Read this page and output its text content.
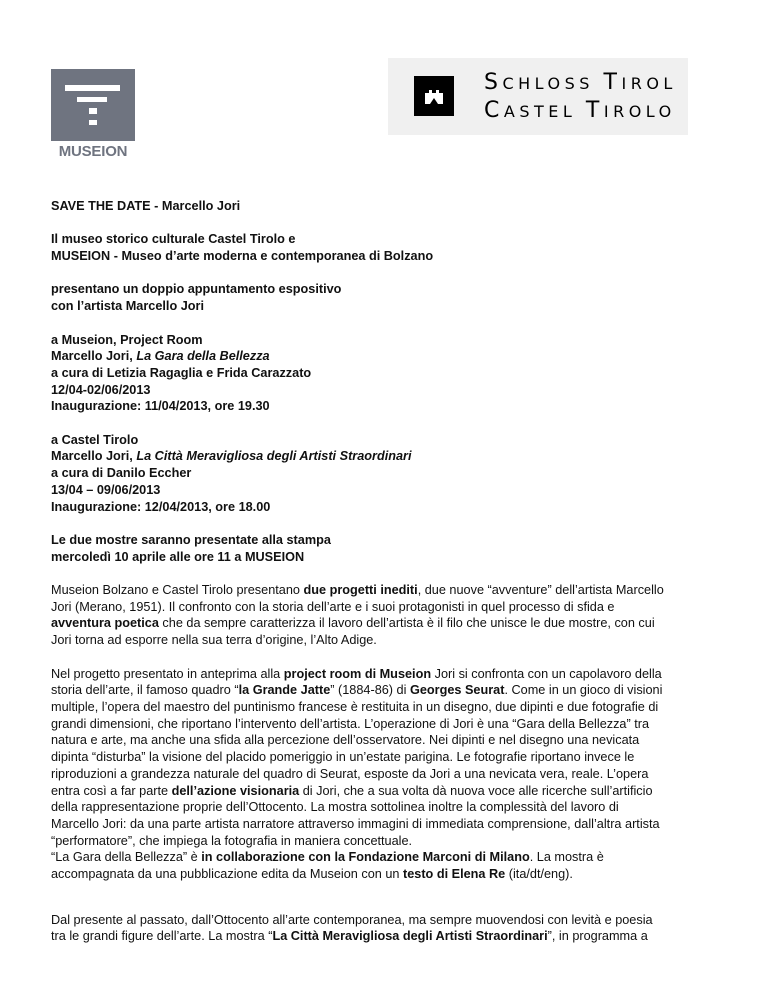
MUSEION
SCHLOSS TIROL
CASTEL TIROLO
SAVE THE DATE - Marcello Jori
Il museo storico culturale Castel Tirolo e
MUSEION - Museo d’arte moderna e contemporanea di Bolzano
presentano un doppio appuntamento espositivo
con l’artista Marcello Jori
a Museion, Project Room
Marcello Jori, La Gara della Bellezza
a cura di Letizia Ragaglia e Frida Carazzato
12/04-02/06/2013
Inaugurazione: 11/04/2013, ore 19.30
a Castel Tirolo
Marcello Jori, La Città Meravigliosa degli Artisti Straordinari
a cura di Danilo Eccher
13/04 – 09/06/2013
Inaugurazione: 12/04/2013, ore 18.00
Le due mostre saranno presentate alla stampa
mercoledì 10 aprile alle ore 11 a MUSEION
Museion Bolzano e Castel Tirolo presentano due progetti inediti, due nuove “avventure” dell’artista Marcello
Jori (Merano, 1951). Il confronto con la storia dell’arte e i suoi protagonisti in quel processo di sfida e
avventura poetica che da sempre caratterizza il lavoro dell’artista è il filo che unisce le due mostre, con cui
Jori torna ad esporre nella sua terra d’origine, l’Alto Adige.
Nel progetto presentato in anteprima alla project room di Museion Jori si confronta con un capolavoro della
storia dell’arte, il famoso quadro “la Grande Jatte” (1884-86) di Georges Seurat. Come in un gioco di visioni
multiple, l’opera del maestro del puntinismo francese è restituita in un disegno, due dipinti e due fotografie di
grandi dimensioni, che riportano l’intervento dell’artista. L’operazione di Jori è una “Gara della Bellezza” tra
natura e arte, ma anche una sfida alla percezione dell’osservatore. Nei dipinti e nel disegno una nevicata
dipinta “disturba” la visione del placido pomeriggio in un’estate parigina. Le fotografie riportano invece le
riproduzioni a grandezza naturale del quadro di Seurat, esposte da Jori a una nevicata vera, reale. L’opera
entra così a far parte dell’azione visionaria di Jori, che a sua volta dà nuova voce alle ricerche sull’artificio
della rappresentazione proprie dell’Ottocento. La mostra sottolinea inoltre la complessità del lavoro di
Marcello Jori: da una parte artista narratore attraverso immagini di immediata comprensione, dall’altra artista
“performatore”, che impiega la fotografia in maniera concettuale.
“La Gara della Bellezza” è in collaborazione con la Fondazione Marconi di Milano. La mostra è
accompagnata da una pubblicazione edita da Museion con un testo di Elena Re (ita/dt/eng).
Dal presente al passato, dall’Ottocento all’arte contemporanea, ma sempre muovendosi con levità e poesia
tra le grandi figure dell’arte. La mostra “La Città Meravigliosa degli Artisti Straordinari”, in programma a
